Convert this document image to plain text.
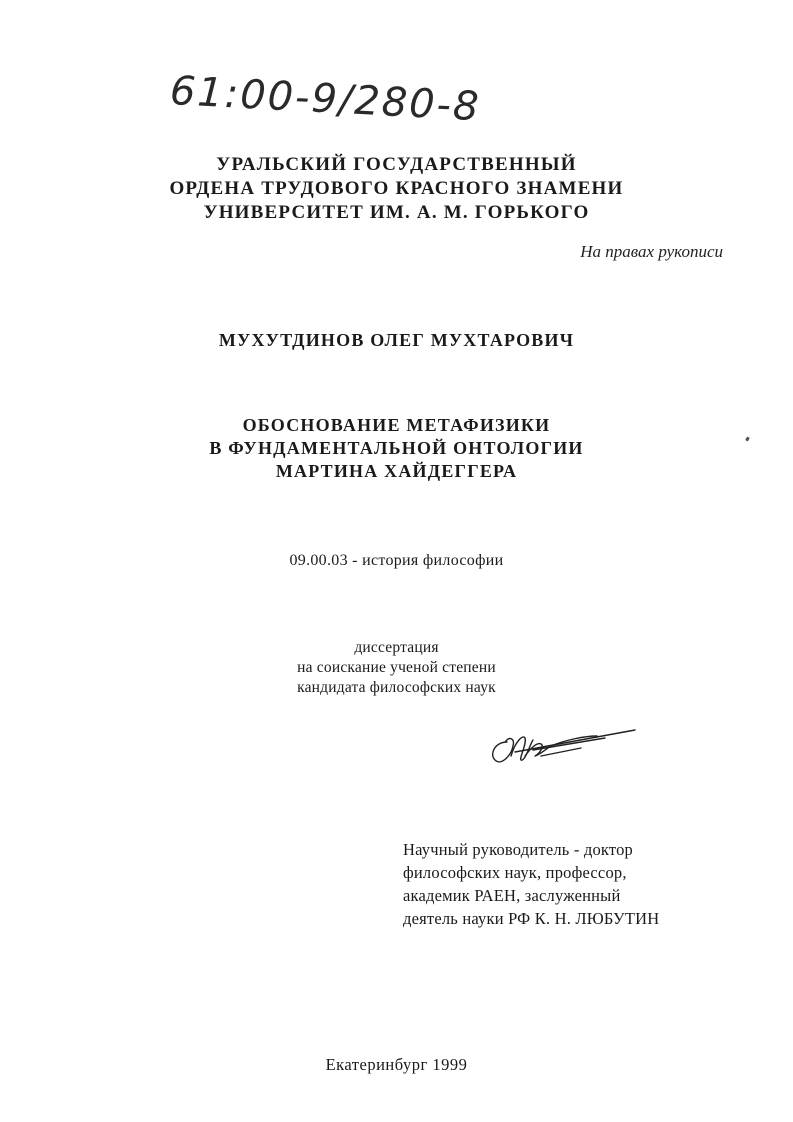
61:00-9/280-8
УРАЛЬСКИЙ ГОСУДАРСТВЕННЫЙ
ОРДЕНА ТРУДОВОГО КРАСНОГО ЗНАМЕНИ
УНИВЕРСИТЕТ ИМ. А. М. ГОРЬКОГО
На правах рукописи
МУХУТДИНОВ ОЛЕГ МУХТАРОВИЧ
ОБОСНОВАНИЕ МЕТАФИЗИКИ
В ФУНДАМЕНТАЛЬНОЙ ОНТОЛОГИИ
МАРТИНА ХАЙДЕГГЕРА
09.00.03 - история философии
диссертация
на соискание ученой степени
кандидата философских наук
Научный руководитель - доктор
философских наук, профессор,
академик РАЕН, заслуженный
деятель науки РФ К. Н. ЛЮБУТИН
Екатеринбург 1999
